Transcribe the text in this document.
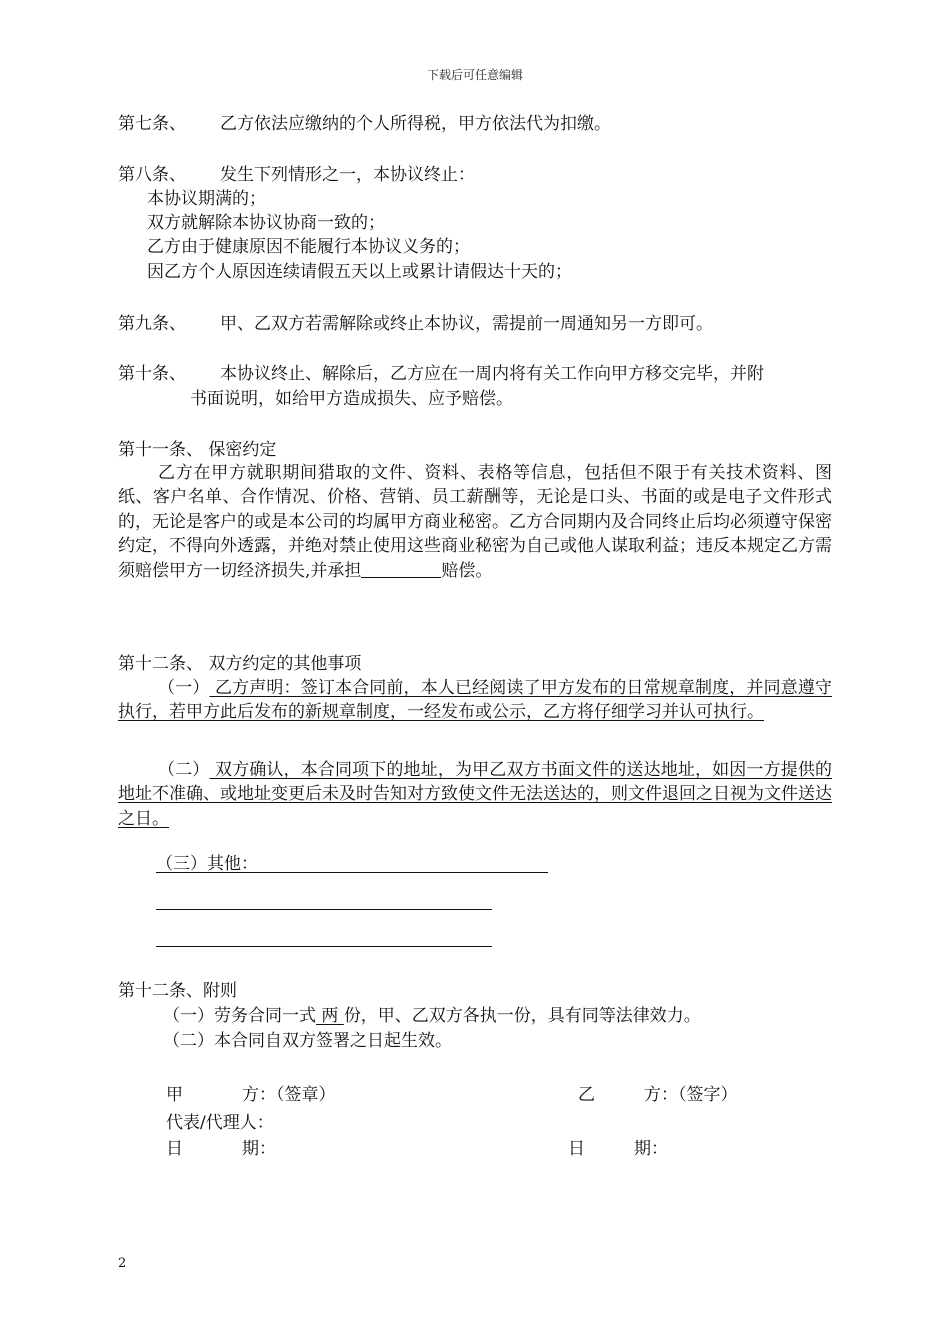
下载后可任意编辑
第七条、 乙方依法应缴纳的个人所得税，甲方依法代为扣缴。
第八条、 发生下列情形之一，本协议终止：
本协议期满的；
双方就解除本协议协商一致的；
乙方由于健康原因不能履行本协议义务的；
因乙方个人原因连续请假五天以上或累计请假达十天的；
第九条、 甲、乙双方若需解除或终止本协议，需提前一周通知另一方即可。
第十条、 本协议终止、解除后，乙方应在一周内将有关工作向甲方移交完毕，并附
书面说明，如给甲方造成损失、应予赔偿。
第十一条、 保密约定
乙方在甲方就职期间猎取的文件、资料、表格等信息，包括但不限于有关技术资料、图纸、客户名单、合作情况、价格、营销、员工薪酬等，无论是口头、书面的或是电子文件形式的，无论是客户的或是本公司的均属甲方商业秘密。乙方合同期内及合同终止后均必须遵守保密约定，不得向外透露，并绝对禁止使用这些商业秘密为自己或他人谋取利益；违反本规定乙方需须赔偿甲方一切经济损失,并承担	赔偿。
第十二条、 双方约定的其他事项
（一） 乙方声明：签订本合同前，本人已经阅读了甲方发布的日常规章制度，并同意遵守执行，若甲方此后发布的新规章制度，一经发布或公示，乙方将仔细学习并认可执行。
（二） 双方确认，本合同项下的地址，为甲乙双方书面文件的送达地址，如因一方提供的地址不准确、或地址变更后未及时告知对方致使文件无法送达的，则文件退回之日视为文件送达之日。
（三）其他：
第十二条、附则
（一）劳务合同一式 两 份，甲、乙双方各执一份，具有同等法律效力。
（二）本合同自双方签署之日起生效。
甲	方：（签章）	乙	方：（签字）
代表/代理人：
日	期：	日	期：
2
